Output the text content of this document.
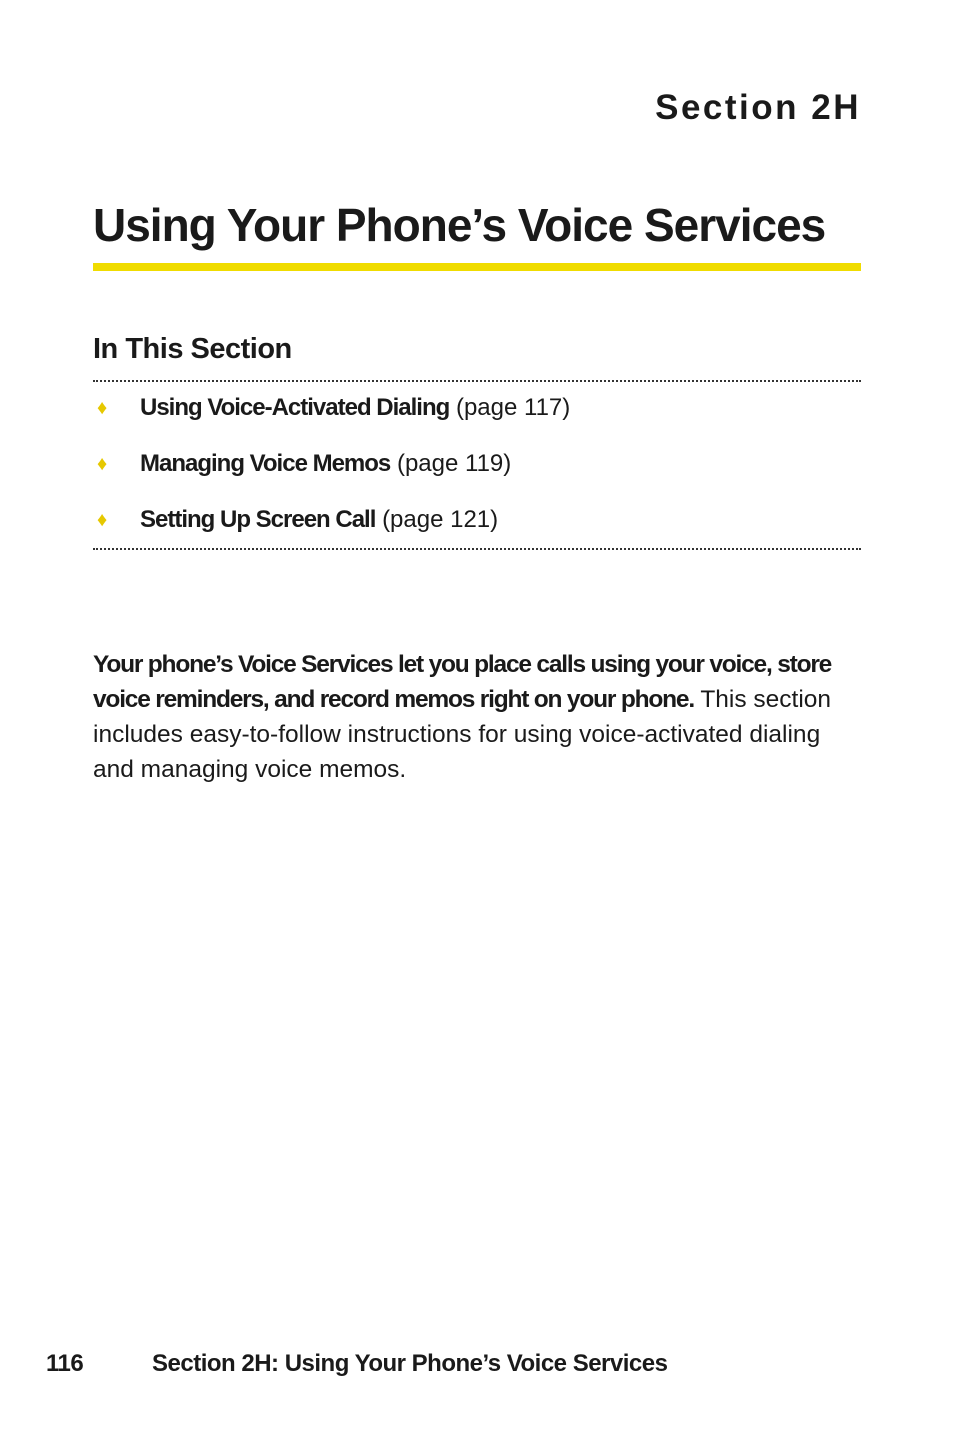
Section 2H
Using Your Phone’s Voice Services
In This Section
♦ Using Voice-Activated Dialing (page 117)
♦ Managing Voice Memos (page 119)
♦ Setting Up Screen Call (page 121)

Your phone’s Voice Services let you place calls using your voice, store voice reminders, and record memos right on your phone. This section includes easy-to-follow instructions for using voice-activated dialing and managing voice memos.

116	Section 2H: Using Your Phone’s Voice Services
